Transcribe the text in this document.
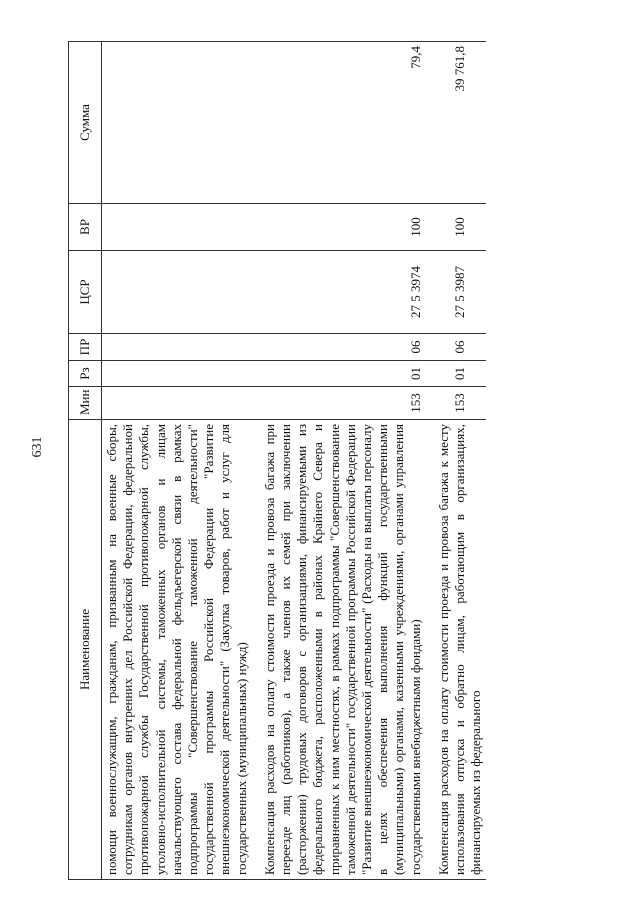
631
Наименование	Мин	Рз	ПР	ЦСР	ВР	Сумма
помощи военнослужащим, гражданам, призванным на военные сборы, сотрудникам органов внутренних дел Российской Федерации, федеральной противопожарной службы Государственной противопожарной службы, уголовно-исполнительной системы, таможенных органов и лицам начальствующего состава федеральной фельдъегерской связи в рамках подпрограммы "Совершенствование таможенной деятельности" государственной программы Российской Федерации "Развитие внешнеэкономической деятельности" (Закупка товаров, работ и услуг для государственных (муниципальных) нужд)						
Компенсация расходов на оплату стоимости проезда и провоза багажа при переезде лиц (работников), а также членов их семей при заключении (расторжении) трудовых договоров с организациями, финансируемыми из федерального бюджета, расположенными в районах Крайнего Севера и приравненных к ним местностях, в рамках подпрограммы "Совершенствование таможенной деятельности" государственной программы Российской Федерации "Развитие внешнеэкономической деятельности" (Расходы на выплаты персоналу в целях обеспечения выполнения функций государственными (муниципальными) органами, казенными учреждениями, органами управления государственными внебюджетными фондами)	153	01	06	27 5 3974	100	79,4
Компенсация расходов на оплату стоимости проезда и провоза багажа к месту использования отпуска и обратно лицам, работающим в организациях, финансируемых из федерального	153	01	06	27 5 3987	100	39 761,8
